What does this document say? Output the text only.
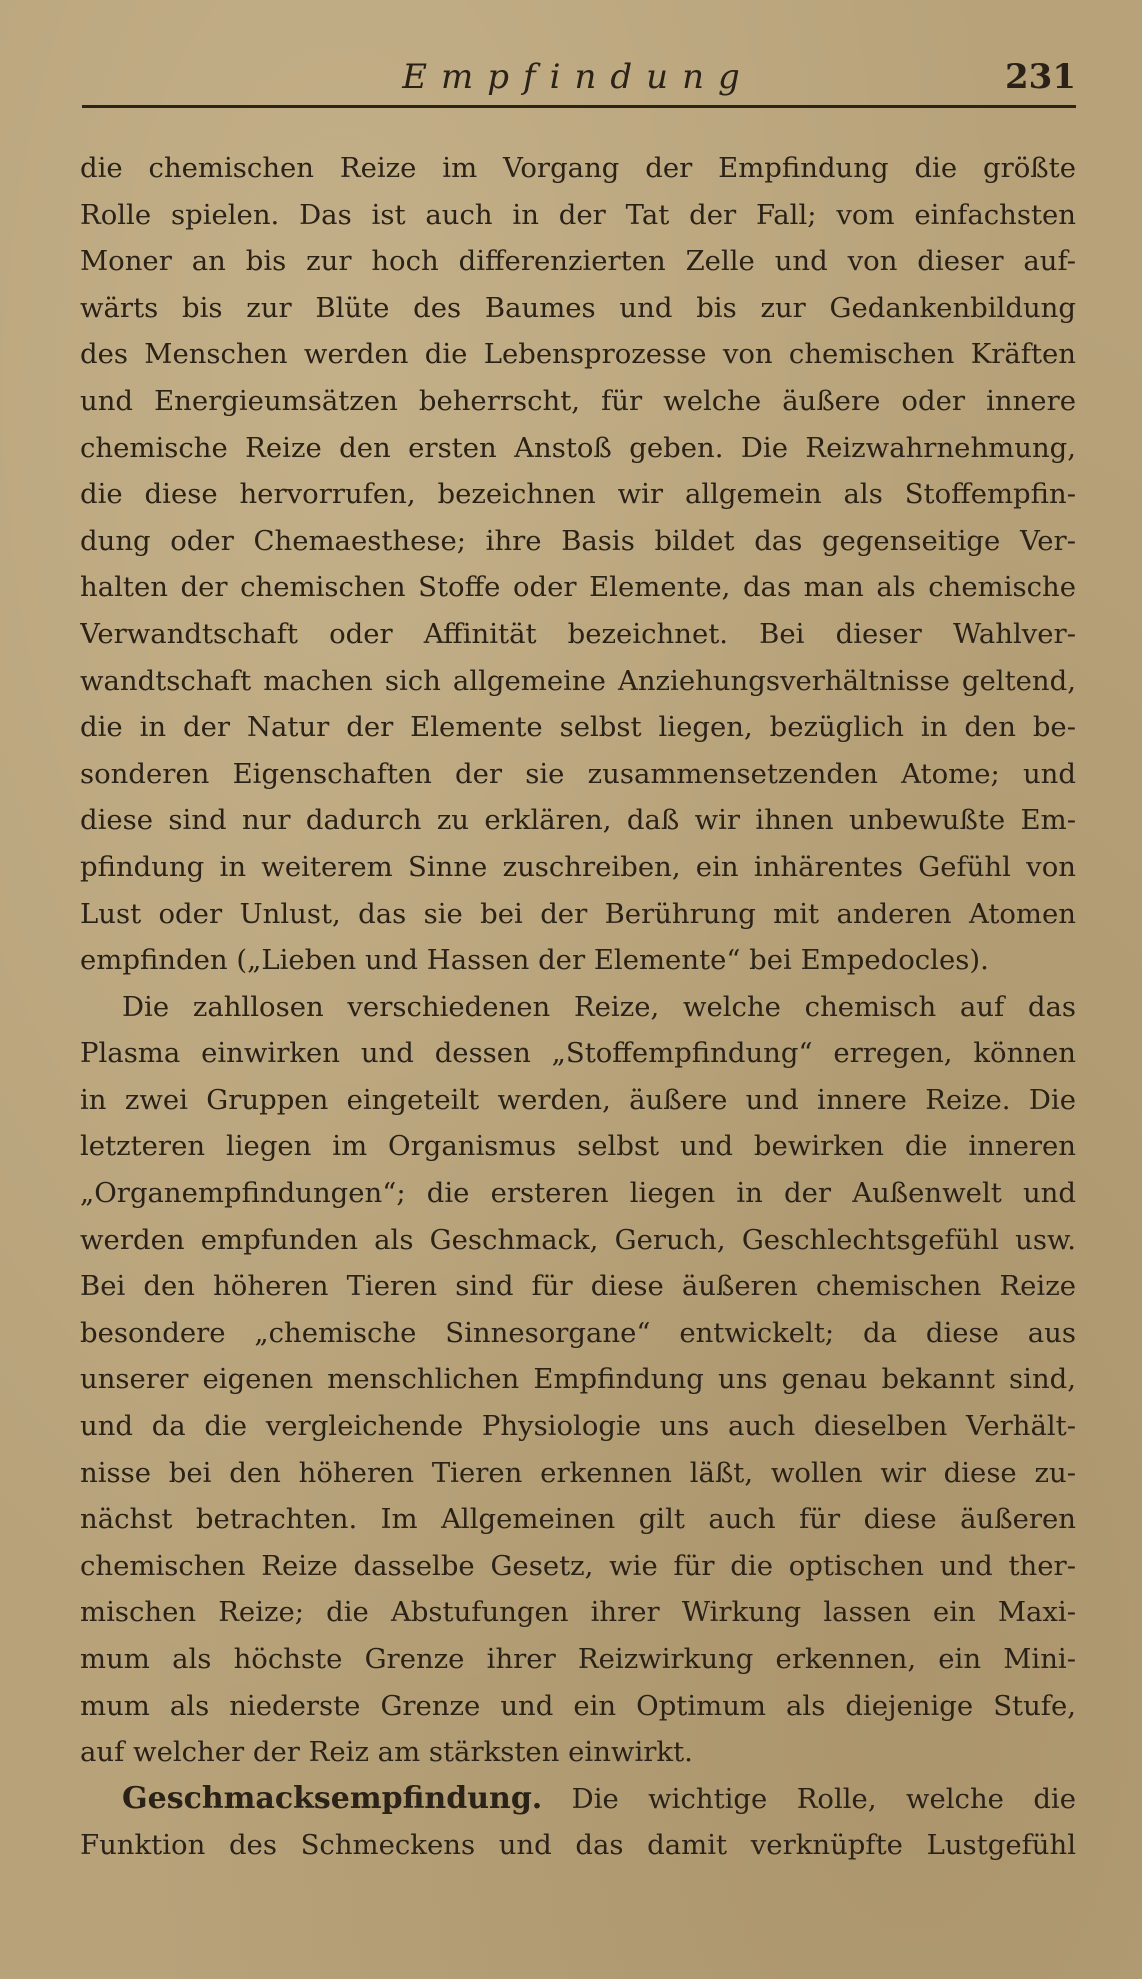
Empfindung	231
die chemischen Reize im Vorgang der Empfindung die größte
Rolle spielen. Das ist auch in der Tat der Fall; vom einfachsten
Moner an bis zur hoch differenzierten Zelle und von dieser auf-
wärts bis zur Blüte des Baumes und bis zur Gedankenbildung
des Menschen werden die Lebensprozesse von chemischen Kräften
und Energieumsätzen beherrscht, für welche äußere oder innere
chemische Reize den ersten Anstoß geben. Die Reizwahrnehmung,
die diese hervorrufen, bezeichnen wir allgemein als Stoffempfin-
dung oder Chemaesthese; ihre Basis bildet das gegenseitige Ver-
halten der chemischen Stoffe oder Elemente, das man als chemische
Verwandtschaft oder Affinität bezeichnet. Bei dieser Wahlver-
wandtschaft machen sich allgemeine Anziehungsverhältnisse geltend,
die in der Natur der Elemente selbst liegen, bezüglich in den be-
sonderen Eigenschaften der sie zusammensetzenden Atome; und
diese sind nur dadurch zu erklären, daß wir ihnen unbewußte Em-
pfindung in weiterem Sinne zuschreiben, ein inhärentes Gefühl von
Lust oder Unlust, das sie bei der Berührung mit anderen Atomen
empfinden („Lieben und Hassen der Elemente“ bei Empedocles).
Die zahllosen verschiedenen Reize, welche chemisch auf das
Plasma einwirken und dessen „Stoffempfindung“ erregen, können
in zwei Gruppen eingeteilt werden, äußere und innere Reize. Die
letzteren liegen im Organismus selbst und bewirken die inneren
„Organempfindungen“; die ersteren liegen in der Außenwelt und
werden empfunden als Geschmack, Geruch, Geschlechtsgefühl usw.
Bei den höheren Tieren sind für diese äußeren chemischen Reize
besondere „chemische Sinnesorgane“ entwickelt; da diese aus
unserer eigenen menschlichen Empfindung uns genau bekannt sind,
und da die vergleichende Physiologie uns auch dieselben Verhält-
nisse bei den höheren Tieren erkennen läßt, wollen wir diese zu-
nächst betrachten. Im Allgemeinen gilt auch für diese äußeren
chemischen Reize dasselbe Gesetz, wie für die optischen und ther-
mischen Reize; die Abstufungen ihrer Wirkung lassen ein Maxi-
mum als höchste Grenze ihrer Reizwirkung erkennen, ein Mini-
mum als niederste Grenze und ein Optimum als diejenige Stufe,
auf welcher der Reiz am stärksten einwirkt.
Geschmacksempfindung. Die wichtige Rolle, welche die
Funktion des Schmeckens und das damit verknüpfte Lustgefühl
